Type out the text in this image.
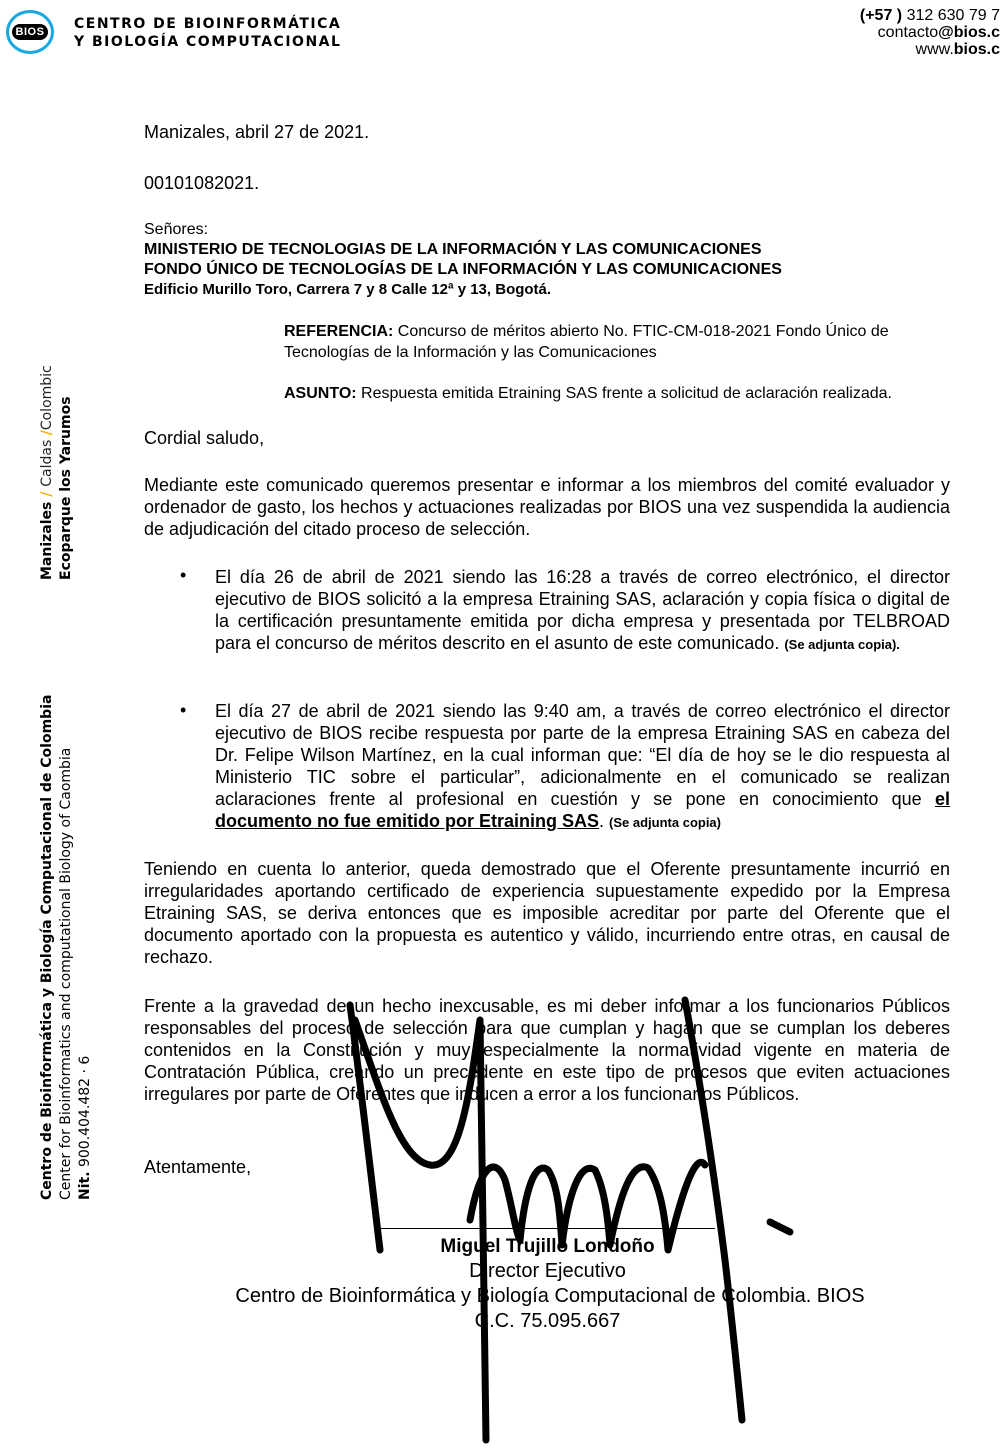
BIOS CENTRO DE BIOINFORMÁTICA
Y BIOLOGÍA COMPUTACIONAL
(+57 ) 312 630 79 7
contacto@bios.c
www.bios.c
Manizales / Caldas /Colombic Ecoparque los Yarumos
Centro de Bioinformática y Biología Computacional de Colombia Center for Bioinformatics and computational Biology of Caombia Nit. 900.404.482 · 6
Manizales, abril 27 de 2021.
00101082021.
Señores:
MINISTERIO DE TECNOLOGIAS DE LA INFORMACIÓN Y LAS COMUNICACIONES
FONDO ÚNICO DE TECNOLOGÍAS DE LA INFORMACIÓN Y LAS COMUNICACIONES
Edificio Murillo Toro, Carrera 7 y 8 Calle 12ª y 13, Bogotá.
REFERENCIA: Concurso de méritos abierto No. FTIC-CM-018-2021 Fondo Único de Tecnologías de la Información y las Comunicaciones
ASUNTO: Respuesta emitida Etraining SAS frente a solicitud de aclaración realizada.
Cordial saludo,
Mediante este comunicado queremos presentar e informar a los miembros del comité evaluador y ordenador de gasto, los hechos y actuaciones realizadas por BIOS una vez suspendida la audiencia de adjudicación del citado proceso de selección.
• El día 26 de abril de 2021 siendo las 16:28 a través de correo electrónico, el director ejecutivo de BIOS solicitó a la empresa Etraining SAS, aclaración y copia física o digital de la certificación presuntamente emitida por dicha empresa y presentada por TELBROAD para el concurso de méritos descrito en el asunto de este comunicado. (Se adjunta copia).
• El día 27 de abril de 2021 siendo las 9:40 am, a través de correo electrónico el director ejecutivo de BIOS recibe respuesta por parte de la empresa Etraining SAS en cabeza del Dr. Felipe Wilson Martínez, en la cual informan que: “El día de hoy se le dio respuesta al Ministerio TIC sobre el particular”, adicionalmente en el comunicado se realizan aclaraciones frente al profesional en cuestión y se pone en conocimiento que el documento no fue emitido por Etraining SAS. (Se adjunta copia)
Teniendo en cuenta lo anterior, queda demostrado que el Oferente presuntamente incurrió en irregularidades aportando certificado de experiencia supuestamente expedido por la Empresa Etraining SAS, se deriva entonces que es imposible acreditar por parte del Oferente que el documento aportado con la propuesta es autentico y válido, incurriendo entre otras, en causal de rechazo.
Frente a la gravedad de un hecho inexcusable, es mi deber informar a los funcionarios Públicos responsables del proceso de selección para que cumplan y hagan que se cumplan los deberes contenidos en la Constitución y muy especialmente la normatividad vigente en materia de Contratación Pública, creando un precedente en este tipo de procesos que eviten actuaciones irregulares por parte de Oferentes que inducen a error a los funcionarios Públicos.
Atentamente,
Miguel Trujillo Londoño
Director Ejecutivo
Centro de Bioinformática y Biología Computacional de Colombia. BIOS
C.C. 75.095.667
